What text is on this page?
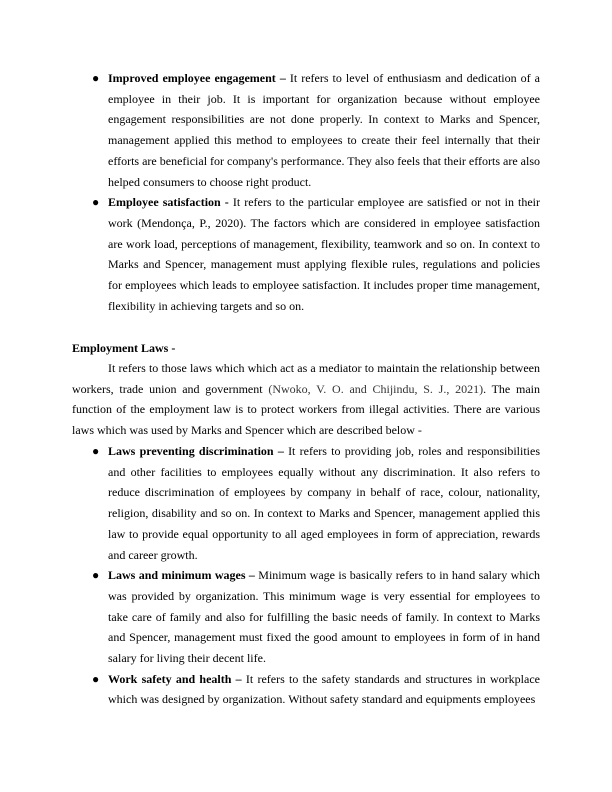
● Improved employee engagement – It refers to level of enthusiasm and dedication of a employee in their job. It is important for organization because without employee engagement responsibilities are not done properly. In context to Marks and Spencer, management applied this method to employees to create their feel internally that their efforts are beneficial for company's performance. They also feels that their efforts are also helped consumers to choose right product.
● Employee satisfaction - It refers to the particular employee are satisfied or not in their work (Mendonça, P., 2020). The factors which are considered in employee satisfaction are work load, perceptions of management, flexibility, teamwork and so on. In context to Marks and Spencer, management must applying flexible rules, regulations and policies for employees which leads to employee satisfaction. It includes proper time management, flexibility in achieving targets and so on.
Employment Laws -

It refers to those laws which which act as a mediator to maintain the relationship between workers, trade union and government (Nwoko, V. O. and Chijindu, S. J., 2021). The main function of the employment law is to protect workers from illegal activities. There are various laws which was used by Marks and Spencer which are described below -

● Laws preventing discrimination – It refers to providing job, roles and responsibilities and other facilities to employees equally without any discrimination. It also refers to reduce discrimination of employees by company in behalf of race, colour, nationality, religion, disability and so on. In context to Marks and Spencer, management applied this law to provide equal opportunity to all aged employees in form of appreciation, rewards and career growth.
● Laws and minimum wages – Minimum wage is basically refers to in hand salary which was provided by organization. This minimum wage is very essential for employees to take care of family and also for fulfilling the basic needs of family. In context to Marks and Spencer, management must fixed the good amount to employees in form of in hand salary for living their decent life.
● Work safety and health – It refers to the safety standards and structures in workplace which was designed by organization. Without safety standard and equipments employees
